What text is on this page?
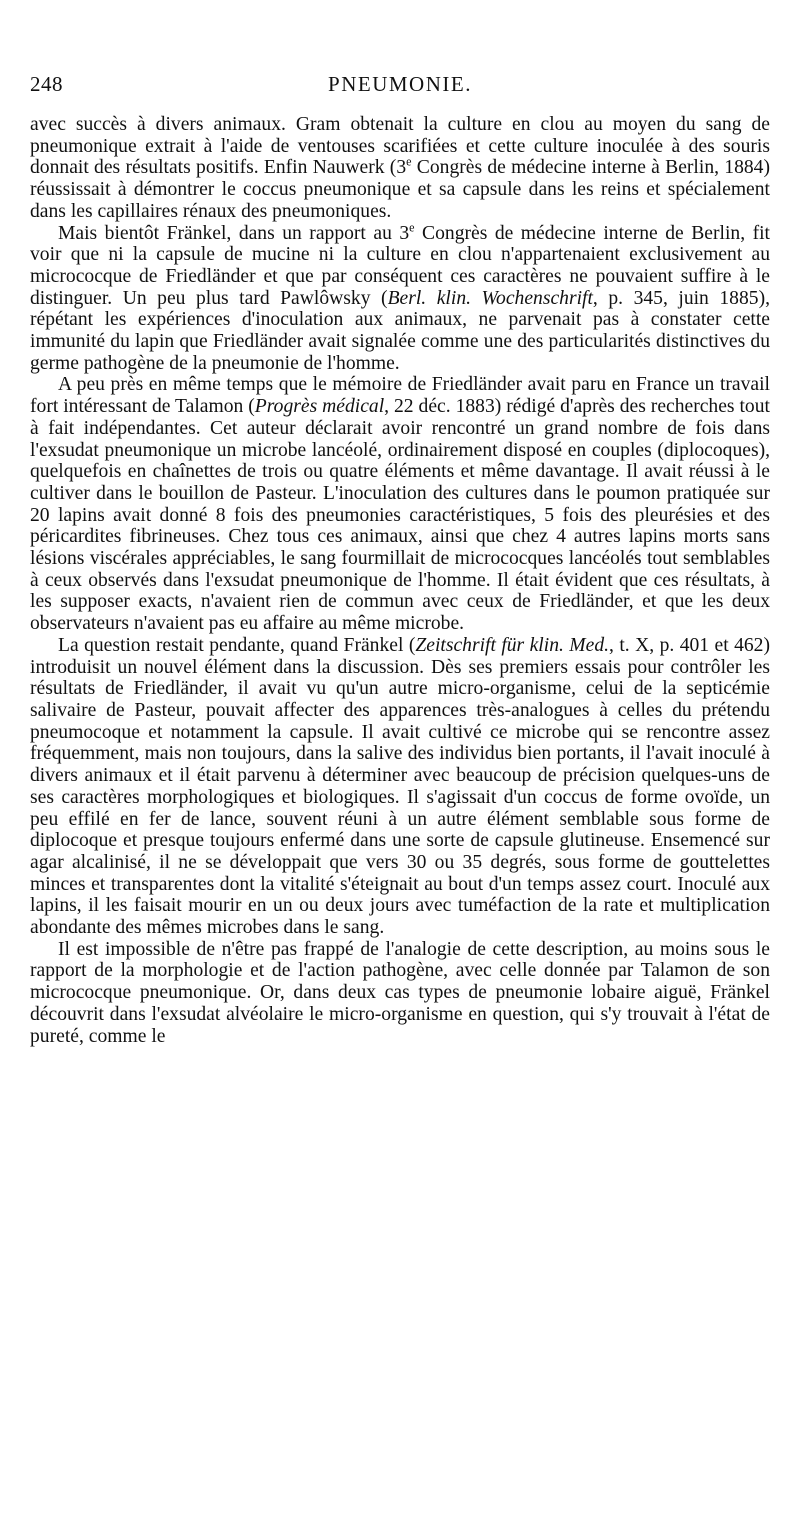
248	PNEUMONIE.

avec succès à divers animaux. Gram obtenait la culture en clou au moyen du sang de pneumonique extrait à l'aide de ventouses scarifiées et cette culture inoculée à des souris donnait des résultats positifs. Enfin Nauwerk (3e Congrès de médecine interne à Berlin, 1884) réussissait à démontrer le coccus pneumonique et sa capsule dans les reins et spécialement dans les capillaires rénaux des pneumoniques.

Mais bientôt Fränkel, dans un rapport au 3e Congrès de médecine interne de Berlin, fit voir que ni la capsule de mucine ni la culture en clou n'appartenaient exclusivement au micrococque de Friedländer et que par conséquent ces caractères ne pouvaient suffire à le distinguer. Un peu plus tard Pawlôwsky (Berl. klin. Wochenschrift, p. 345, juin 1885), répétant les expériences d'inoculation aux animaux, ne parvenait pas à constater cette immunité du lapin que Friedländer avait signalée comme une des particularités distinctives du germe pathogène de la pneumonie de l'homme.

A peu près en même temps que le mémoire de Friedländer avait paru en France un travail fort intéressant de Talamon (Progrès médical, 22 déc. 1883) rédigé d'après des recherches tout à fait indépendantes. Cet auteur déclarait avoir rencontré un grand nombre de fois dans l'exsudat pneumonique un microbe lancéolé, ordinairement disposé en couples (diplocoques), quelquefois en chaînettes de trois ou quatre éléments et même davantage. Il avait réussi à le cultiver dans le bouillon de Pasteur. L'inoculation des cultures dans le poumon pratiquée sur 20 lapins avait donné 8 fois des pneumonies caractéristiques, 5 fois des pleurésies et des péricardites fibrineuses. Chez tous ces animaux, ainsi que chez 4 autres lapins morts sans lésions viscérales appréciables, le sang fourmillait de micrococques lancéolés tout semblables à ceux observés dans l'exsudat pneumonique de l'homme. Il était évident que ces résultats, à les supposer exacts, n'avaient rien de commun avec ceux de Friedländer, et que les deux observateurs n'avaient pas eu affaire au même microbe.

La question restait pendante, quand Fränkel (Zeitschrift für klin. Med., t. X, p. 401 et 462) introduisit un nouvel élément dans la discussion. Dès ses premiers essais pour contrôler les résultats de Friedländer, il avait vu qu'un autre micro-organisme, celui de la septicémie salivaire de Pasteur, pouvait affecter des apparences très-analogues à celles du prétendu pneumocoque et notamment la capsule. Il avait cultivé ce microbe qui se rencontre assez fréquemment, mais non toujours, dans la salive des individus bien portants, il l'avait inoculé à divers animaux et il était parvenu à déterminer avec beaucoup de précision quelques-uns de ses caractères morphologiques et biologiques. Il s'agissait d'un coccus de forme ovoïde, un peu effilé en fer de lance, souvent réuni à un autre élément semblable sous forme de diplocoque et presque toujours enfermé dans une sorte de capsule glutineuse. Ensemencé sur agar alcalinisé, il ne se développait que vers 30 ou 35 degrés, sous forme de gouttelettes minces et transparentes dont la vitalité s'éteignait au bout d'un temps assez court. Inoculé aux lapins, il les faisait mourir en un ou deux jours avec tuméfaction de la rate et multiplication abondante des mêmes microbes dans le sang.

Il est impossible de n'être pas frappé de l'analogie de cette description, au moins sous le rapport de la morphologie et de l'action pathogène, avec celle donnée par Talamon de son micrococque pneumonique. Or, dans deux cas types de pneumonie lobaire aiguë, Fränkel découvrit dans l'exsudat alvéolaire le micro-organisme en question, qui s'y trouvait à l'état de pureté, comme le
